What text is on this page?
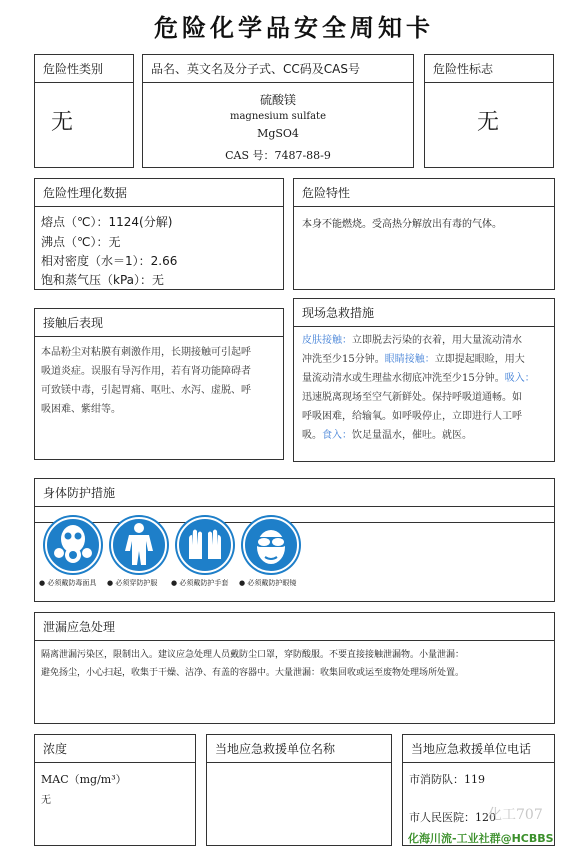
危险化学品安全周知卡
危险性类别
无
品名、英文名及分子式、CC码及CAS号
硫酸镁
magnesium sulfate
MgSO4
CAS 号：7487-88-9
危险性标志
无
危险性理化数据
熔点（℃）：1124(分解)
沸点（℃）：无
相对密度（水＝1）：2.66
饱和蒸气压（kPa）：无
危险特性
本身不能燃烧。受高热分解放出有毒的气体。
接触后表现
本品粉尘对粘膜有刺激作用，长期接触可引起呼
吸道炎症。误服有导泻作用，若有肾功能障碍者
可致镁中毒，引起胃痛、呕吐、水泻、虚脱、呼
吸困难、紫绀等。
现场急救措施
皮肤接触：立即脱去污染的衣着，用大量流动清水
冲洗至少15分钟。眼睛接触：立即提起眼睑，用大
量流动清水或生理盐水彻底冲洗至少15分钟。吸入：
迅速脱离现场至空气新鲜处。保持呼吸道通畅。如
呼吸困难，给输氧。如呼吸停止，立即进行人工呼
吸。食入：饮足量温水，催吐。就医。
身体防护措施
● 必须戴防毒面具 ● 必须穿防护服 ● 必须戴防护手套 ● 必须戴防护眼镜
泄漏应急处理
隔离泄漏污染区，限制出入。建议应急处理人员戴防尘口罩，穿防酸服。不要直接接触泄漏物。小量泄漏：
避免扬尘，小心扫起，收集于干燥、洁净、有盖的容器中。大量泄漏：收集回收或运至废物处理场所处置。
浓度
MAC（mg/m³）
无
当地应急救援单位名称	当地应急救援单位电话
市消防队：119
市人民医院：120
化工707
化海川流-工业社群@HCBBS
